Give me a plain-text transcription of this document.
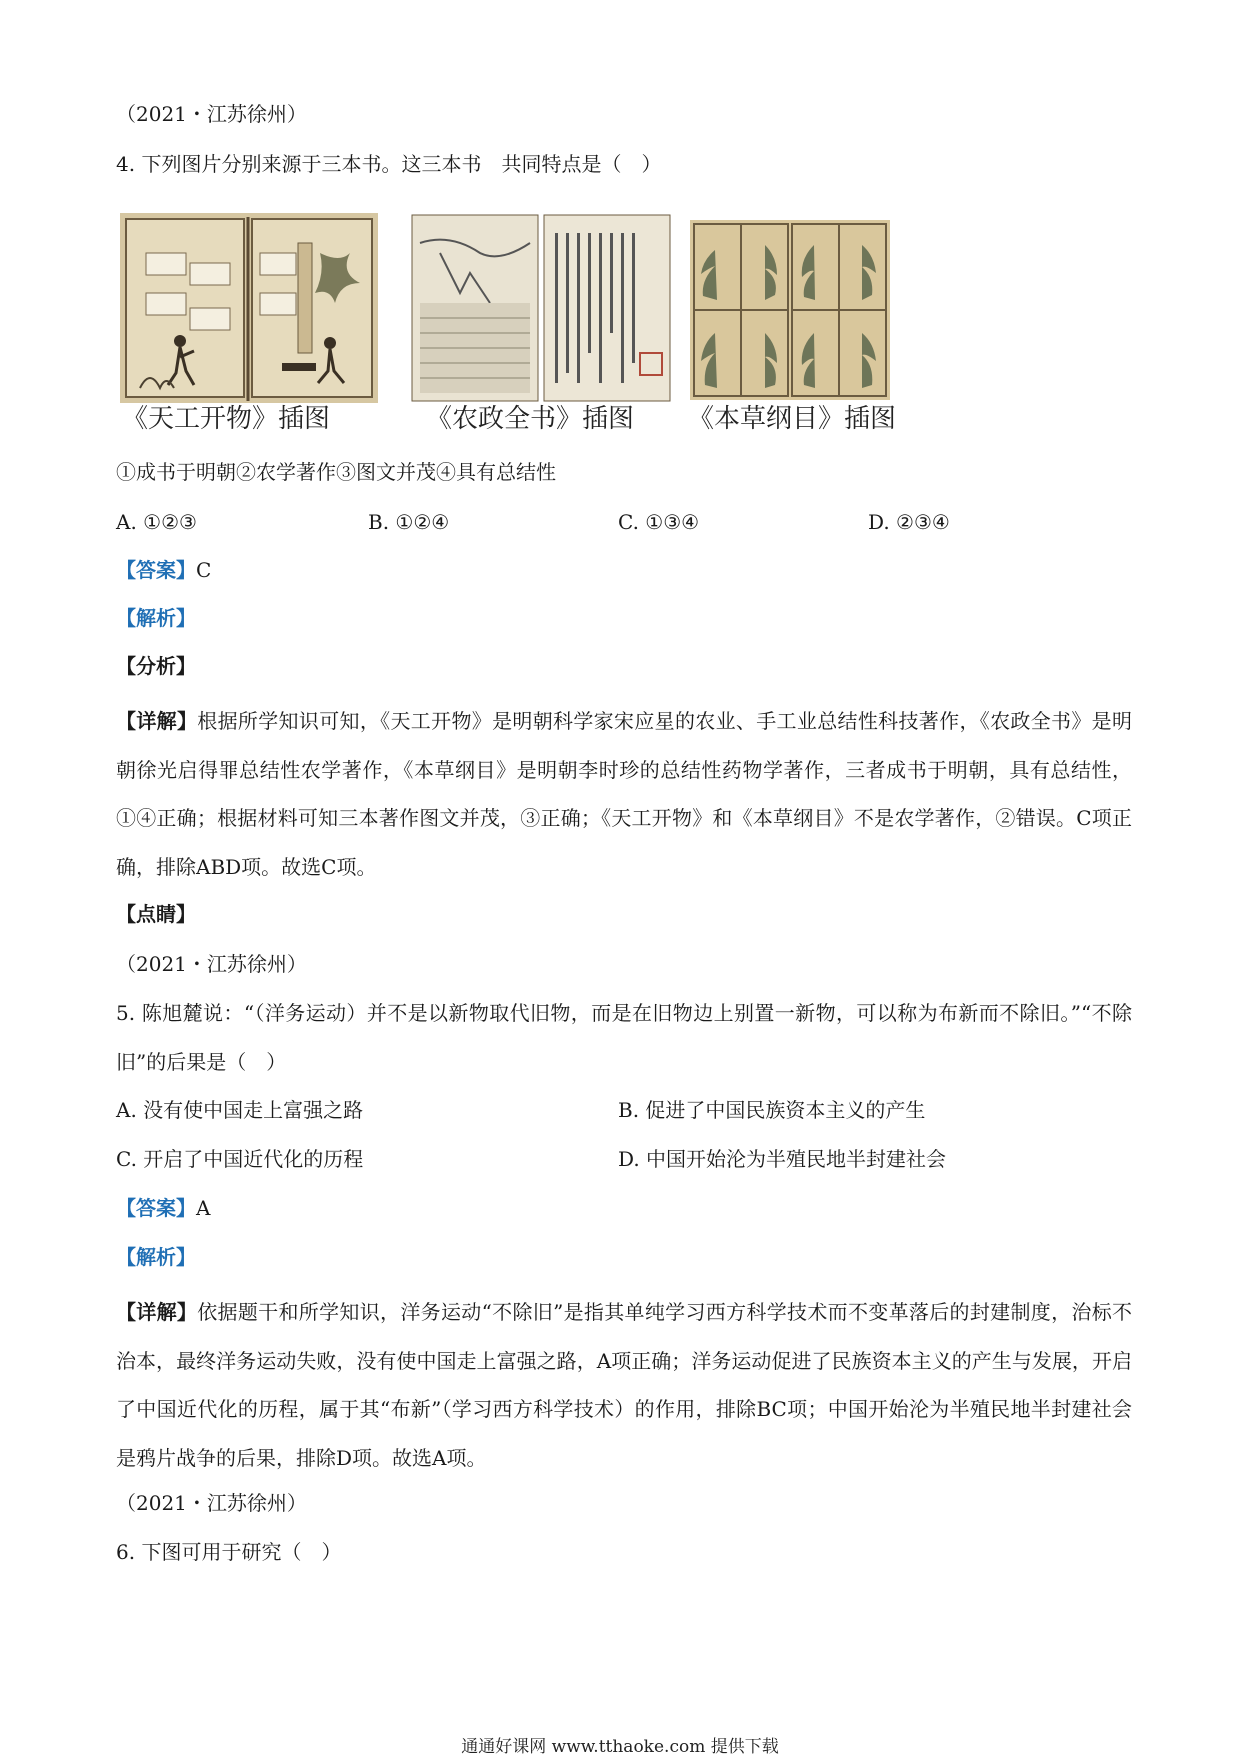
（2021・江苏徐州）
4. 下列图片分别来源于三本书。这三本书　共同特点是（　）
《天工开物》插图	《农政全书》插图 《本草纲目》插图
①成书于明朝②农学著作③图文并茂④具有总结性
A. ①②③	B. ①②④	C. ①③④	D. ②③④
【答案】C
【解析】
【分析】
【详解】根据所学知识可知，《天工开物》是明朝科学家宋应星的农业、手工业总结性科技著作，《农政全书》是明朝徐光启得罪总结性农学著作，《本草纲目》是明朝李时珍的总结性药物学著作，三者成书于明朝，具有总结性，①④正确；根据材料可知三本著作图文并茂，③正确；《天工开物》和《本草纲目》不是农学著作，②错误。C项正确，排除ABD项。故选C项。
【点睛】
（2021・江苏徐州）
5. 陈旭麓说：“（洋务运动）并不是以新物取代旧物，而是在旧物边上别置一新物，可以称为布新而不除旧。”“不除旧”的后果是（　）
A. 没有使中国走上富强之路	B. 促进了中国民族资本主义的产生
C. 开启了中国近代化的历程	D. 中国开始沦为半殖民地半封建社会
【答案】A
【解析】
【详解】依据题干和所学知识，洋务运动“不除旧”是指其单纯学习西方科学技术而不变革落后的封建制度，治标不治本，最终洋务运动失败，没有使中国走上富强之路，A项正确；洋务运动促进了民族资本主义的产生与发展，开启了中国近代化的历程，属于其“布新”（学习西方科学技术）的作用，排除BC项；中国开始沦为半殖民地半封建社会是鸦片战争的后果，排除D项。故选A项。
（2021・江苏徐州）
6. 下图可用于研究（　）
通通好课网 www.tthaoke.com 提供下载
